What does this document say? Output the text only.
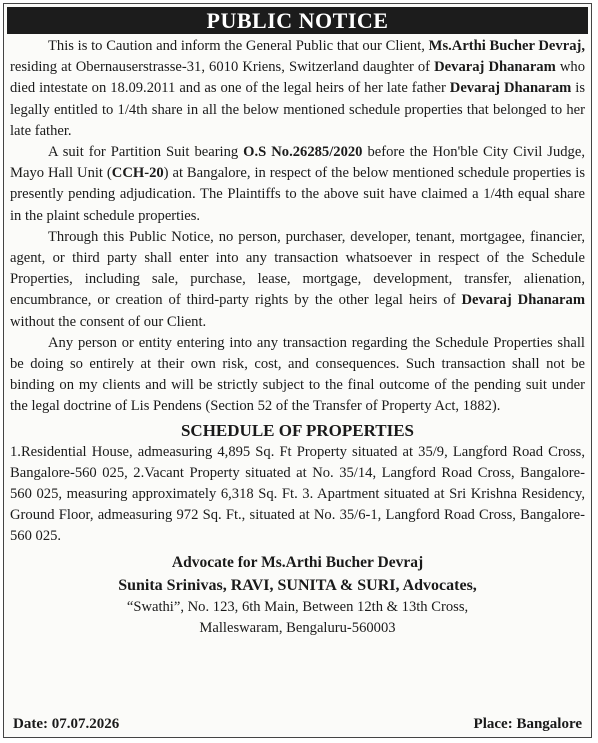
PUBLIC NOTICE

This is to Caution and inform the General Public that our Client, Ms.Arthi Bucher Devraj, residing at Obernauserstrasse-31, 6010 Kriens, Switzerland daughter of Devaraj Dhanaram who died intestate on 18.09.2011 and as one of the legal heirs of her late father Devaraj Dhanaram is legally entitled to 1/4th share in all the below mentioned schedule properties that belonged to her late father.

A suit for Partition Suit bearing O.S No.26285/2020 before the Hon'ble City Civil Judge, Mayo Hall Unit (CCH-20) at Bangalore, in respect of the below mentioned schedule properties is presently pending adjudication. The Plaintiffs to the above suit have claimed a 1/4th equal share in the plaint schedule properties.

Through this Public Notice, no person, purchaser, developer, tenant, mortgagee, financier, agent, or third party shall enter into any transaction whatsoever in respect of the Schedule Properties, including sale, purchase, lease, mortgage, development, transfer, alienation, encumbrance, or creation of third-party rights by the other legal heirs of Devaraj Dhanaram without the consent of our Client.

Any person or entity entering into any transaction regarding the Schedule Properties shall be doing so entirely at their own risk, cost, and consequences. Such transaction shall not be binding on my clients and will be strictly subject to the final outcome of the pending suit under the legal doctrine of Lis Pendens (Section 52 of the Transfer of Property Act, 1882).

SCHEDULE OF PROPERTIES

1.Residential House, admeasuring 4,895 Sq. Ft Property situated at 35/9, Langford Road Cross, Bangalore-560 025, 2.Vacant Property situated at No. 35/14, Langford Road Cross, Bangalore-560 025, measuring approximately 6,318 Sq. Ft. 3. Apartment situated at Sri Krishna Residency, Ground Floor, admeasuring 972 Sq. Ft., situated at No. 35/6-1, Langford Road Cross, Bangalore-560 025.

Advocate for Ms.Arthi Bucher Devraj
Sunita Srinivas, RAVI, SUNITA & SURI, Advocates,
“Swathi”, No. 123, 6th Main, Between 12th & 13th Cross,
Malleswaram, Bengaluru-560003
Date: 07.07.2026	Place: Bangalore
